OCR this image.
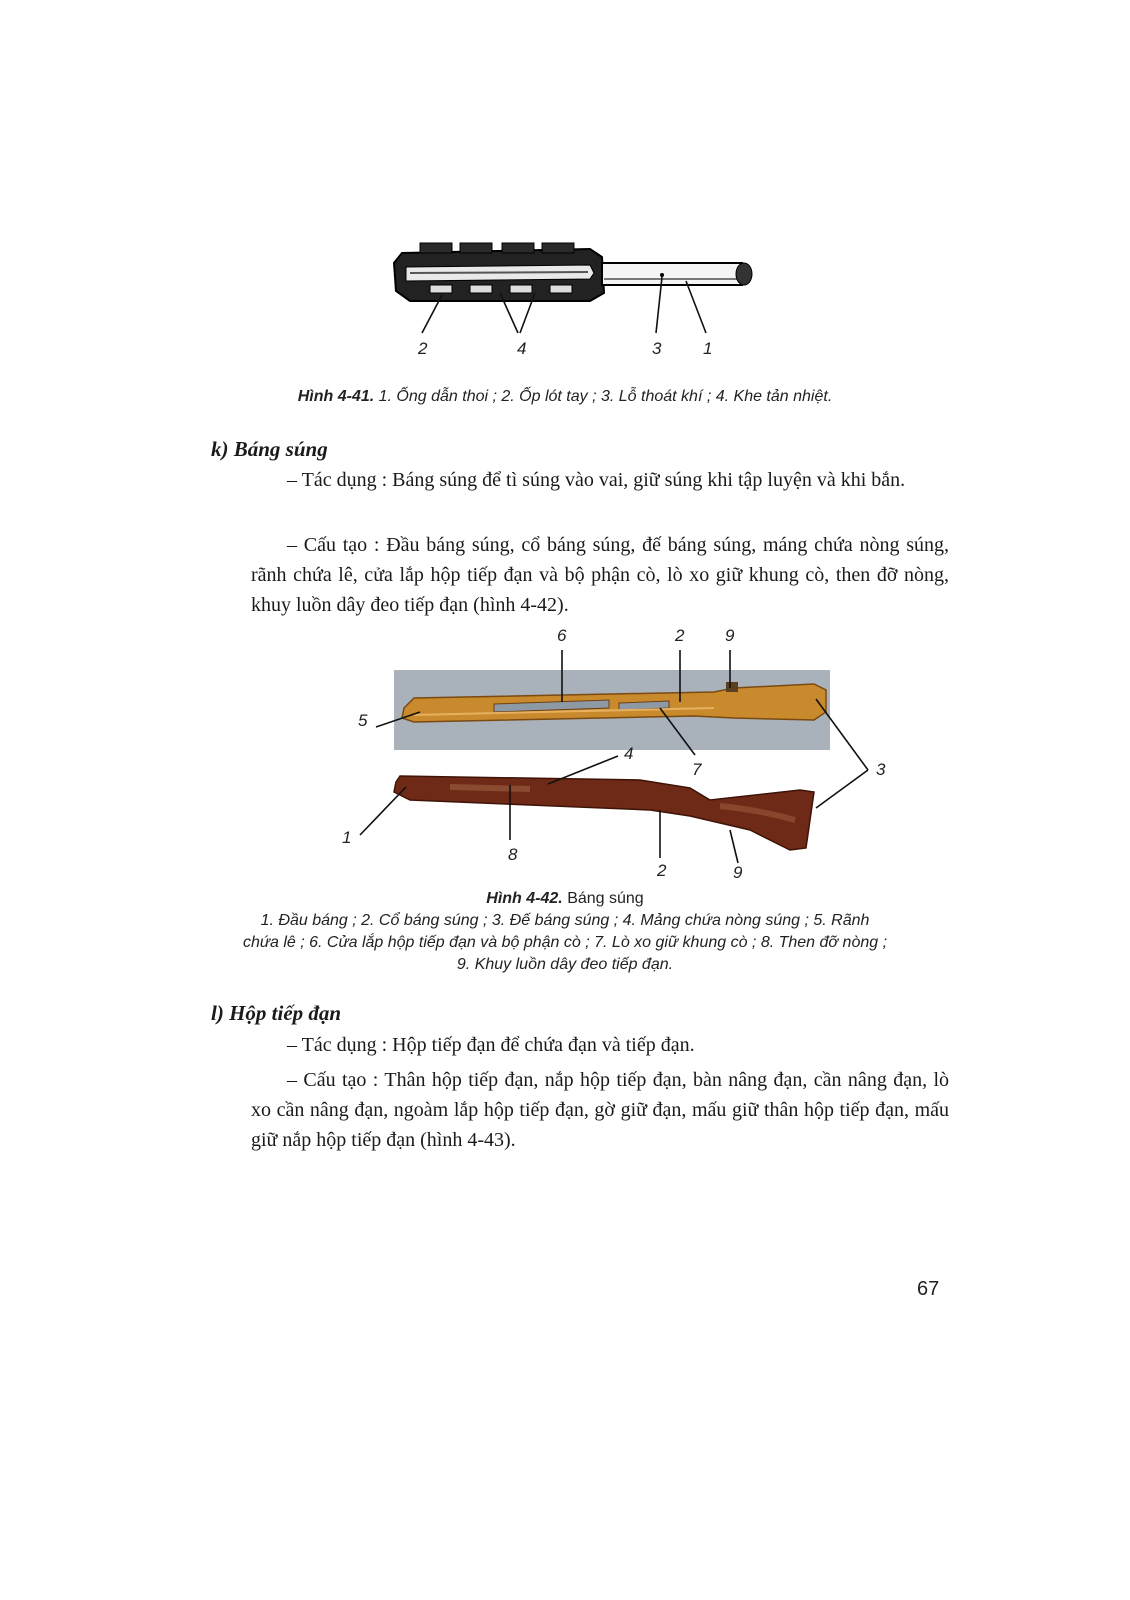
2	4	3 1
Hình 4-41. 1. Ống dẫn thoi ; 2. Ốp lót tay ; 3. Lỗ thoát khí ; 4. Khe tản nhiệt.
k) Báng súng
– Tác dụng : Báng súng để tì súng vào vai, giữ súng khi tập luyện và khi bắn.
– Cấu tạo : Đầu báng súng, cổ báng súng, đế báng súng, máng chứa nòng súng, rãnh chứa lê, cửa lắp hộp tiếp đạn và bộ phận cò, lò xo giữ khung cò, then đỡ nòng, khuy luồn dây đeo tiếp đạn (hình 4-42).
6	2 9
5
4
7	3
1
8
2	9
Hình 4-42. Báng súng
1. Đầu báng ; 2. Cổ báng súng ; 3. Đế báng súng ; 4. Mảng chứa nòng súng ; 5. Rãnh
chứa lê ; 6. Cửa lắp hộp tiếp đạn và bộ phận cò ; 7. Lò xo giữ khung cò ; 8. Then đỡ nòng ;
9. Khuy luồn dây đeo tiếp đạn.
l) Hộp tiếp đạn
– Tác dụng : Hộp tiếp đạn để chứa đạn và tiếp đạn.
– Cấu tạo : Thân hộp tiếp đạn, nắp hộp tiếp đạn, bàn nâng đạn, cần nâng đạn, lò xo cần nâng đạn, ngoàm lắp hộp tiếp đạn, gờ giữ đạn, mấu giữ thân hộp tiếp đạn, mấu giữ nắp hộp tiếp đạn (hình 4-43).
67
